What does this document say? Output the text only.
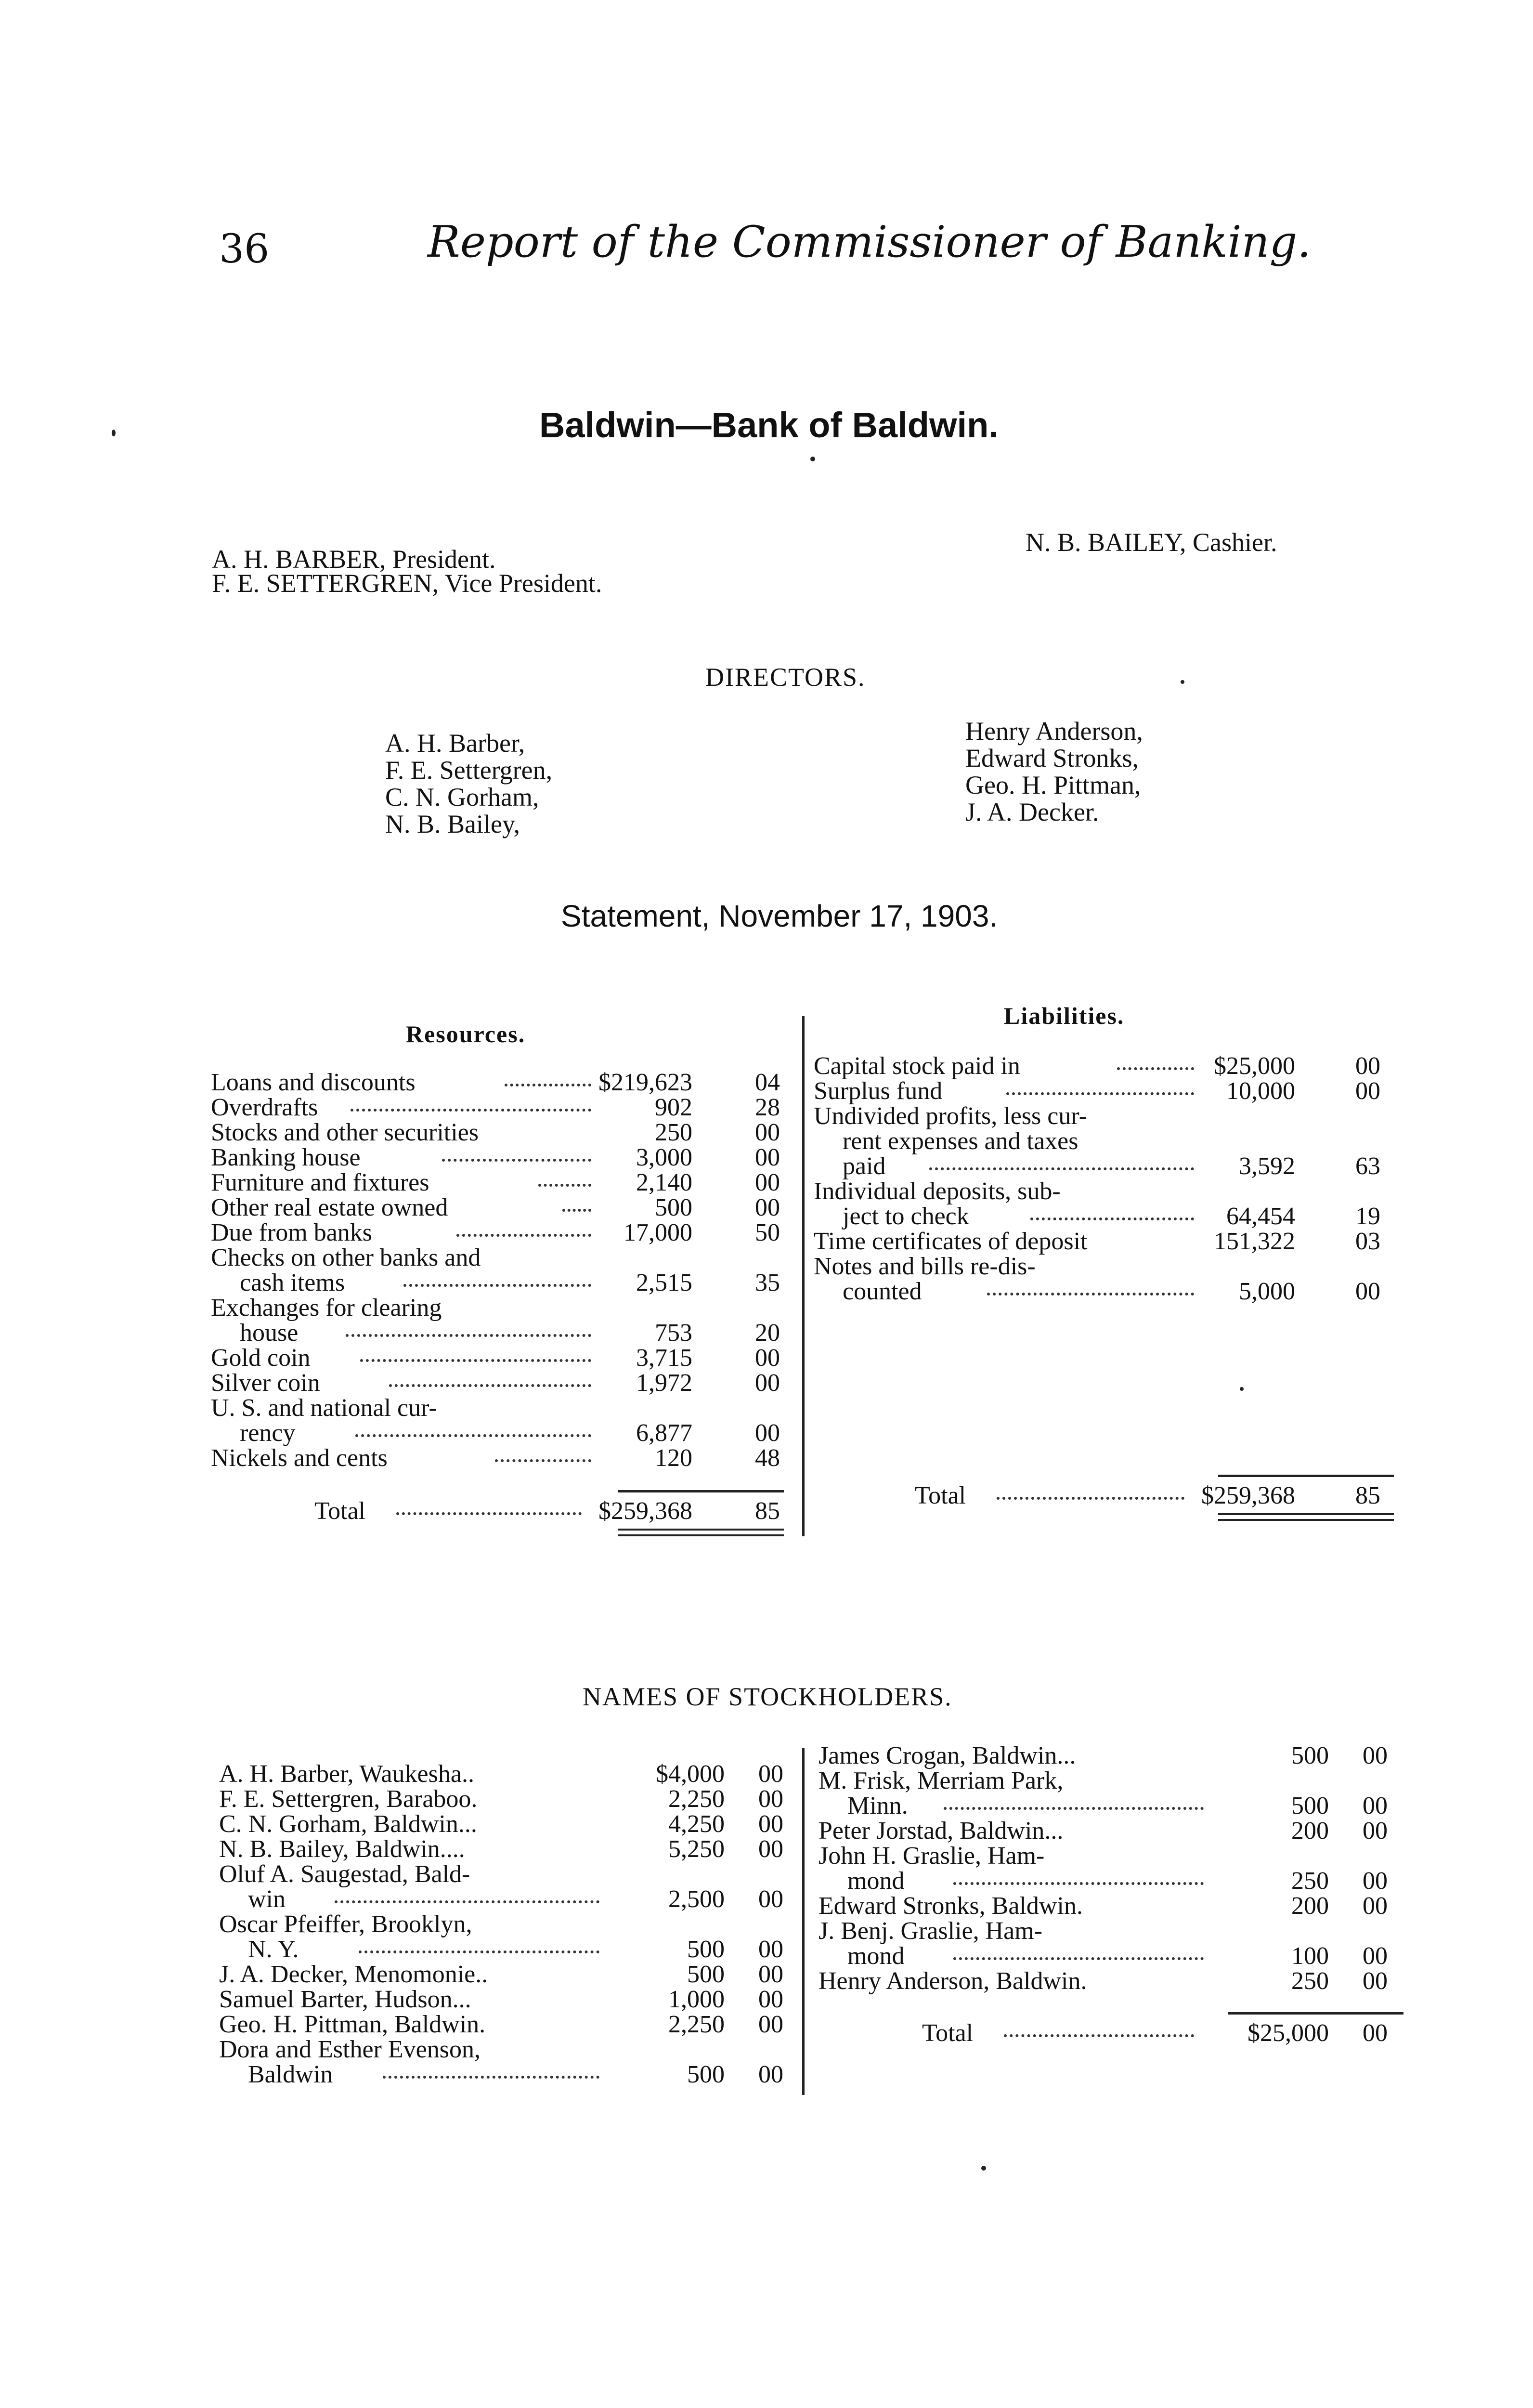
36	Report of the Commissioner of Banking.
Baldwin—Bank of Baldwin.
A. H. BARBER, President.
F. E. SETTERGREN, Vice President.
N. B. BAILEY, Cashier.
DIRECTORS.
A. H. Barber,
F. E. Settergren,
C. N. Gorham,
N. B. Bailey,
Henry Anderson,
Edward Stronks,
Geo. H. Pittman,
J. A. Decker.
Statement, November 17, 1903.
Resources.
Liabilities.
Loans and discounts	$219,623	04
Overdrafts	902	28
Stocks and other securities	250	00
Banking house	3,000	00
Furniture and fixtures	2,140	00
Other real estate owned	500	00
Due from banks	17,000	50
Checks on other banks and
cash items	2,515	35
Exchanges for clearing
house	753	20
Gold coin	3,715	00
Silver coin	1,972	00
U. S. and national cur-
rency	6,877	00
Nickels and cents	120	48
Total	$259,368	85
Capital stock paid in	$25,000 00
Surplus fund	10,000 00
Undivided profits, less cur-
rent expenses and taxes
paid	3,592 63
Individual deposits, sub-
ject to check	64,454 19
Time certificates of deposit	151,322 03
Notes and bills re-dis-
counted	5,000 00
Total	$259,368 85
NAMES OF STOCKHOLDERS.
A. H. Barber, Waukesha..	$4,000 00
F. E. Settergren, Baraboo.	2,250 00
C. N. Gorham, Baldwin...	4,250 00
N. B. Bailey, Baldwin....	5,250 00
Oluf A. Saugestad, Bald-
win	2,500 00
Oscar Pfeiffer, Brooklyn,
N. Y.	500 00
J. A. Decker, Menomonie..	500 00
Samuel Barter, Hudson...	1,000 00
Geo. H. Pittman, Baldwin.	2,250 00
Dora and Esther Evenson,
Baldwin	500 00
James Crogan, Baldwin...	500 00
M. Frisk, Merriam Park,
Minn.	500 00
Peter Jorstad, Baldwin...	200 00
John H. Graslie, Ham-
mond	250 00
Edward Stronks, Baldwin.	200 00
J. Benj. Graslie, Ham-
mond	100 00
Henry Anderson, Baldwin.	250 00
Total	$25,000 00
